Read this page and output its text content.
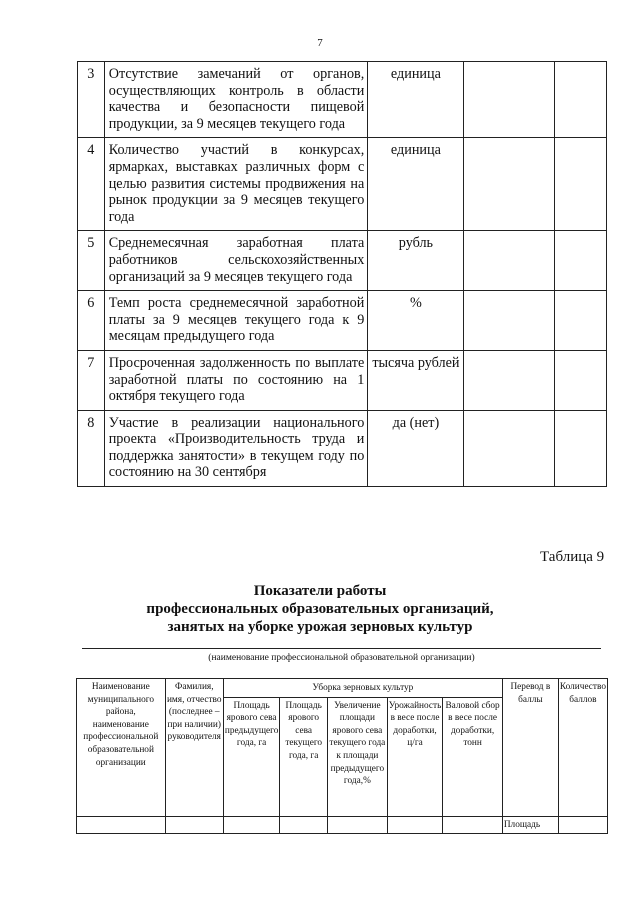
7
3	Отсутствие замечаний от органов, осуществляющих контроль в области качества и безопасности пищевой продукции, за 9 месяцев текущего года	единица		
4	Количество участий в конкурсах, ярмарках, выставках различных форм с целью развития системы продвижения на рынок продукции за 9 месяцев текущего года	единица		
5	Среднемесячная заработная плата работников сельскохозяйственных организаций за 9 месяцев текущего года	рубль		
6	Темп роста среднемесячной заработной платы за 9 месяцев текущего года к 9 месяцам предыдущего года	%		
7	Просроченная задолженность по выплате заработной платы по состоянию на 1 октября текущего года	тысяча рублей		
8	Участие в реализации национального проекта «Производительность труда и поддержка занятости» в текущем году по состоянию на 30 сентября	да (нет)		
Таблица 9
Показатели работы
профессиональных образовательных организаций,
занятых на уборке урожая зерновых культур
(наименование профессиональной образовательной организации)
Наименование муниципального района, наименование профессиональной образовательной организации	Фамилия, имя, отчество (последнее – при наличии) руководителя	Уборка зерновых культур					Перевод в баллы	Количество баллов
		Площадь ярового сева предыдущего года, га	Площадь ярового сева текущего года, га	Увеличение площади ярового сева текущего года к площади предыдущего года,%	Урожайность в весе после доработки, ц/га	Валовой сбор в весе после доработки, тонн		
							Площадь	
